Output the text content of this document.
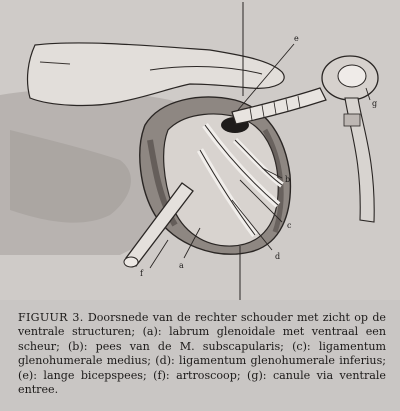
e
b
c
d
a
f
g
FIGUUR 3. Doorsnede van de rechter schouder met zicht op de ventrale structuren; (a): labrum glenoidale met ventraal een scheur; (b): pees van de M. subscapularis; (c): ligamentum glenohumerale medius; (d): ligamentum glenohumerale inferius; (e): lange bicepspees; (f): artroscoop; (g): canule via ventrale entree.
